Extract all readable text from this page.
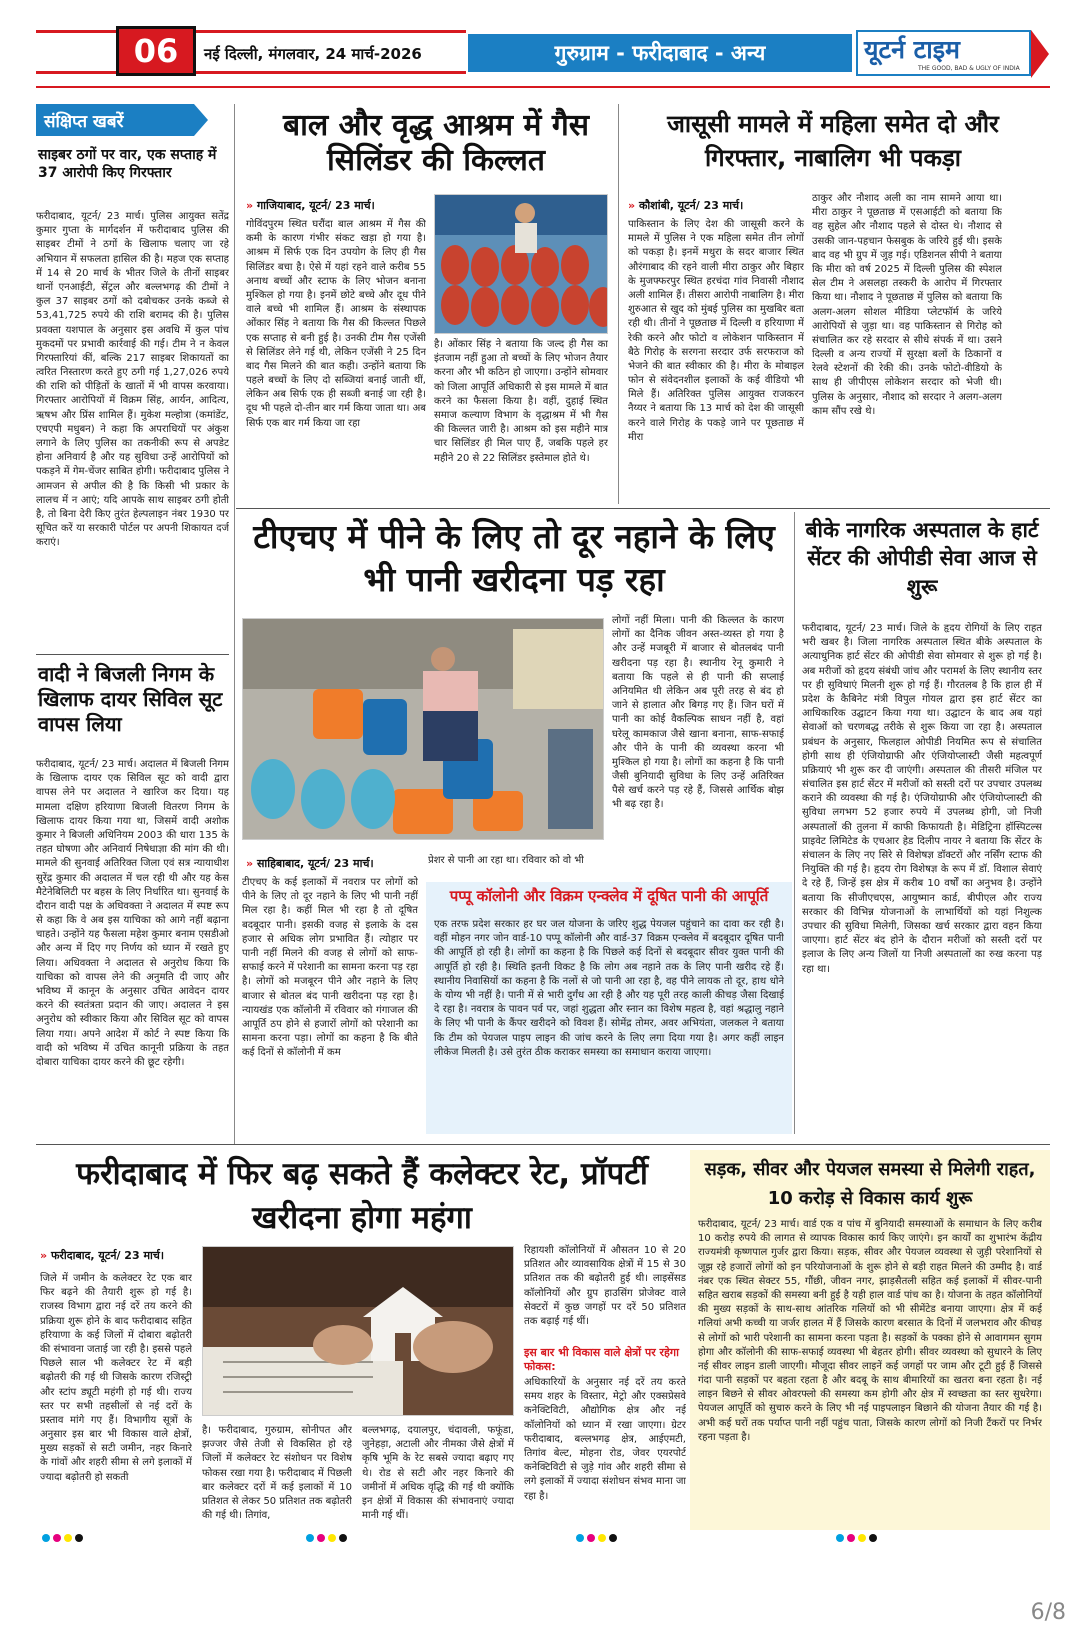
06	नई दिल्ली, मंगलवार, 24 मार्च-2026	गुरुग्राम - फरीदाबाद - अन्य	यूटर्न टाइम
THE GOOD, BAD & UGLY OF INDIA
संक्षिप्त खबरें
साइबर ठगों पर वार, एक सप्ताह में 37 आरोपी किए गिरफ्तार
फरीदाबाद, यूटर्न/ 23 मार्च। पुलिस आयुक्त सतेंद्र कुमार गुप्ता के मार्गदर्शन में फरीदाबाद पुलिस की साइबर टीमों ने ठगों के खिलाफ चलाए जा रहे अभियान में सफलता हासिल की है। महज एक सप्ताह में 14 से 20 मार्च के भीतर जिले के तीनों साइबर थानों एनआईटी, सेंट्रल और बल्लभगढ़ की टीमों ने कुल 37 साइबर ठगों को दबोचकर उनके कब्जे से 53,41,725 रुपये की राशि बरामद की है। पुलिस प्रवक्ता यशपाल के अनुसार इस अवधि में कुल पांच मुकदमों पर प्रभावी कार्रवाई की गई। टीम ने न केवल गिरफ्तारियां कीं, बल्कि 217 साइबर शिकायतों का त्वरित निस्तारण करते हुए ठगी गई 1,27,026 रुपये की राशि को पीड़ितों के खातों में भी वापस करवाया। गिरफ्तार आरोपियों में विक्रम सिंह, आर्यन, आदित्य, ऋषभ और प्रिंस शामिल हैं। मुकेश मल्होत्रा (कमांडेंट, एचएपी मधुबन) ने कहा कि अपराधियों पर अंकुश लगाने के लिए पुलिस का तकनीकी रूप से अपडेट होना अनिवार्य है और यह सुविधा उन्हें आरोपियों को पकड़ने में गेम-चेंजर साबित होगी। फरीदाबाद पुलिस ने आमजन से अपील की है कि किसी भी प्रकार के लालच में न आएं; यदि आपके साथ साइबर ठगी होती है, तो बिना देरी किए तुरंत हेल्पलाइन नंबर 1930 पर सूचित करें या सरकारी पोर्टल पर अपनी शिकायत दर्ज कराएं।
वादी ने बिजली निगम के खिलाफ दायर सिविल सूट वापस लिया
फरीदाबाद, यूटर्न/ 23 मार्च। अदालत में बिजली निगम के खिलाफ दायर एक सिविल सूट को वादी द्वारा वापस लेने पर अदालत ने खारिज कर दिया। यह मामला दक्षिण हरियाणा बिजली वितरण निगम के खिलाफ दायर किया गया था, जिसमें वादी अशोक कुमार ने बिजली अधिनियम 2003 की धारा 135 के तहत घोषणा और अनिवार्य निषेधाज्ञा की मांग की थी। मामले की सुनवाई अतिरिक्त जिला एवं सत्र न्यायाधीश सुरेंद्र कुमार की अदालत में चल रही थी और यह केस मैटेनेबिलिटी पर बहस के लिए निर्धारित था। सुनवाई के दौरान वादी पक्ष के अधिवक्ता ने अदालत में स्पष्ट रूप से कहा कि वे अब इस याचिका को आगे नहीं बढ़ाना चाहते। उन्होंने यह फैसला महेश कुमार बनाम एसडीओ और अन्य में दिए गए निर्णय को ध्यान में रखते हुए लिया। अधिवक्ता ने अदालत से अनुरोध किया कि याचिका को वापस लेने की अनुमति दी जाए और भविष्य में कानून के अनुसार उचित आवेदन दायर करने की स्वतंत्रता प्रदान की जाए। अदालत ने इस अनुरोध को स्वीकार किया और सिविल सूट को वापस लिया गया। अपने आदेश में कोर्ट ने स्पष्ट किया कि वादी को भविष्य में उचित कानूनी प्रक्रिया के तहत दोबारा याचिका दायर करने की छूट रहेगी।
बाल और वृद्ध आश्रम में गैस सिलिंडर की किल्लत
» गाजियाबाद, यूटर्न/ 23 मार्च।
गोविंदपुरम स्थित घरौंदा बाल आश्रम में गैस की कमी के कारण गंभीर संकट खड़ा हो गया है। आश्रम में सिर्फ एक दिन उपयोग के लिए ही गैस सिलिंडर बचा है। ऐसे में यहां रहने वाले करीब 55 अनाथ बच्चों और स्टाफ के लिए भोजन बनाना मुश्किल हो गया है। इनमें छोटे बच्चे और दूध पीने वाले बच्चे भी शामिल हैं। आश्रम के संस्थापक ओंकार सिंह ने बताया कि गैस की किल्लत पिछले एक सप्ताह से बनी हुई है। उनकी टीम गैस एजेंसी से सिलिंडर लेने गई थी, लेकिन एजेंसी ने 25 दिन बाद गैस मिलने की बात कही। उन्होंने बताया कि पहले बच्चों के लिए दो सब्जियां बनाई जाती थीं, लेकिन अब सिर्फ एक ही सब्जी बनाई जा रही है। दूध भी पहले दो-तीन बार गर्म किया जाता था। अब सिर्फ एक बार गर्म किया जा रहा
है। ओंकार सिंह ने बताया कि जल्द ही गैस का इंतजाम नहीं हुआ तो बच्चों के लिए भोजन तैयार करना और भी कठिन हो जाएगा। उन्होंने सोमवार को जिला आपूर्ति अधिकारी से इस मामले में बात करने का फैसला किया है। वहीं, दुहाई स्थित समाज कल्याण विभाग के वृद्धाश्रम में भी गैस की किल्लत जारी है। आश्रम को इस महीने मात्र चार सिलिंडर ही मिल पाए हैं, जबकि पहले हर महीने 20 से 22 सिलिंडर इस्तेमाल होते थे।
जासूसी मामले में महिला समेत दो और गिरफ्तार, नाबालिग भी पकड़ा
» कौशांबी, यूटर्न/ 23 मार्च।
पाकिस्तान के लिए देश की जासूसी करने के मामले में पुलिस ने एक महिला समेत तीन लोगों को पकड़ा है। इनमें मथुरा के सदर बाजार स्थित औरंगाबाद की रहने वाली मीरा ठाकुर और बिहार के मुजफ्फरपुर स्थित हरचंदा गांव निवासी नौशाद अली शामिल हैं। तीसरा आरोपी नाबालिग है। मीरा शुरुआत से खुद को मुंबई पुलिस का मुखबिर बता रही थी। तीनों ने पूछताछ में दिल्ली व हरियाणा में रेकी करने और फोटो व लोकेशन पाकिस्तान में बैठे गिरोह के सरगना सरदार उर्फ सरफराज को भेजने की बात स्वीकार की है। मीरा के मोबाइल फोन से संवेदनशील इलाकों के कई वीडियो भी मिले हैं। अतिरिक्त पुलिस आयुक्त राजकरन नैय्यर ने बताया कि 13 मार्च को देश की जासूसी करने वाले गिरोह के पकड़े जाने पर पूछताछ में मीरा
ठाकुर और नौशाद अली का नाम सामने आया था। मीरा ठाकुर ने पूछताछ में एसआईटी को बताया कि वह सुहेल और नौशाद पहले से दोस्त थे। नौशाद से उसकी जान-पहचान फेसबुक के जरिये हुई थी। इसके बाद वह भी ग्रुप में जुड़ गई। एडिशनल सीपी ने बताया कि मीरा को वर्ष 2025 में दिल्ली पुलिस की स्पेशल सेल टीम ने असलहा तस्करी के आरोप में गिरफ्तार किया था। नौशाद ने पूछताछ में पुलिस को बताया कि अलग-अलग सोशल मीडिया प्लेटफॉर्म के जरिये आरोपियों से जुड़ा था। वह पाकिस्तान से गिरोह को संचालित कर रहे सरदार से सीधे संपर्क में था। उसने दिल्ली व अन्य राज्यों में सुरक्षा बलों के ठिकानों व रेलवे स्टेशनों की रेकी की। उनके फोटो-वीडियो के साथ ही जीपीएस लोकेशन सरदार को भेजी थी। पुलिस के अनुसार, नौशाद को सरदार ने अलग-अलग काम सौंप रखे थे।
टीएचए में पीने के लिए तो दूर नहाने के लिए भी पानी खरीदना पड़ रहा
लोगों नहीं मिला। पानी की किल्लत के कारण लोगों का दैनिक जीवन अस्त-व्यस्त हो गया है और उन्हें मजबूरी में बाजार से बोतलबंद पानी खरीदना पड़ रहा है। स्थानीय रेनू कुमारी ने बताया कि पहले से ही पानी की सप्लाई अनियमित थी लेकिन अब पूरी तरह से बंद हो जाने से हालात और बिगड़ गए हैं। जिन घरों में पानी का कोई वैकल्पिक साधन नहीं है, वहां घरेलू कामकाज जैसे खाना बनाना, साफ-सफाई और पीने के पानी की व्यवस्था करना भी मुश्किल हो गया है। लोगों का कहना है कि पानी जैसी बुनियादी सुविधा के लिए उन्हें अतिरिक्त पैसे खर्च करने पड़ रहे हैं, जिससे आर्थिक बोझ भी बढ़ रहा है।
» साहिबाबाद, यूटर्न/ 23 मार्च।	प्रेशर से पानी आ रहा था। रविवार को वो भी
टीएचए के कई इलाकों में नवरात्र पर लोगों को पीने के लिए तो दूर नहाने के लिए भी पानी नहीं मिल रहा है। कहीं मिल भी रहा है तो दूषित बदबूदार पानी। इसकी वजह से इलाके के दस हजार से अधिक लोग प्रभावित हैं। त्योहार पर पानी नहीं मिलने की वजह से लोगों को साफ-सफाई करने में परेशानी का सामना करना पड़ रहा है। लोगों को मजबूरन पीने और नहाने के लिए बाजार से बोतल बंद पानी खरीदना पड़ रहा है। न्यायखंड एक कॉलोनी में रविवार को गंगाजल की आपूर्ति ठप होने से हजारों लोगों को परेशानी का सामना करना पड़ा। लोगों का कहना है कि बीते कई दिनों से कॉलोनी में कम
पप्पू कॉलोनी और विक्रम एन्क्लेव में दूषित पानी की आपूर्ति
एक तरफ प्रदेश सरकार हर घर जल योजना के जरिए शुद्ध पेयजल पहुंचाने का दावा कर रही है। वहीं मोहन नगर जोन वार्ड-10 पप्पू कॉलोनी और वार्ड-37 विक्रम एन्क्लेव में बदबूदार दूषित पानी की आपूर्ति हो रही है। लोगों का कहना है कि पिछले कई दिनों से बदबूदार सीवर युक्त पानी की आपूर्ति हो रही है। स्थिति इतनी विकट है कि लोग अब नहाने तक के लिए पानी खरीद रहे हैं। स्थानीय निवासियों का कहना है कि नलों से जो पानी आ रहा है, वह पीने लायक तो दूर, हाथ धोने के योग्य भी नहीं है। पानी में से भारी दुर्गंध आ रही है और यह पूरी तरह काली कीचड़ जैसा दिखाई दे रहा है। नवरात्र के पावन पर्व पर, जहां शुद्धता और स्नान का विशेष महत्व है, वहां श्रद्धालु नहाने के लिए भी पानी के कैंपर खरीदने को विवश हैं। सोमेंद्र तोमर, अवर अभियंता, जलकल ने बताया कि टीम को पेयजल पाइप लाइन की जांच करने के लिए लगा दिया गया है। अगर कहीं लाइन लीकेज मिलती है। उसे तुरंत ठीक कराकर समस्या का समाधान कराया जाएगा।
बीके नागरिक अस्पताल के हार्ट सेंटर की ओपीडी सेवा आज से शुरू
फरीदाबाद, यूटर्न/ 23 मार्च। जिले के हृदय रोगियों के लिए राहत भरी खबर है। जिला नागरिक अस्पताल स्थित बीके अस्पताल के अत्याधुनिक हार्ट सेंटर की ओपीडी सेवा सोमवार से शुरू हो गई है। अब मरीजों को हृदय संबंधी जांच और परामर्श के लिए स्थानीय स्तर पर ही सुविधाएं मिलनी शुरू हो गई हैं। गौरतलब है कि हाल ही में प्रदेश के कैबिनेट मंत्री विपुल गोयल द्वारा इस हार्ट सेंटर का आधिकारिक उद्घाटन किया गया था। उद्घाटन के बाद अब यहां सेवाओं को चरणबद्ध तरीके से शुरू किया जा रहा है। अस्पताल प्रबंधन के अनुसार, फिलहाल ओपीडी नियमित रूप से संचालित होगी साथ ही एंजियोग्राफी और एंजियोप्लास्टी जैसी महत्वपूर्ण प्रक्रियाएं भी शुरू कर दी जाएंगी। अस्पताल की तीसरी मंजिल पर संचालित इस हार्ट सेंटर में मरीजों को सस्ती दरों पर उपचार उपलब्ध कराने की व्यवस्था की गई है। एंजियोग्राफी और एंजियोप्लास्टी की सुविधा लगभग 52 हजार रुपये में उपलब्ध होगी, जो निजी अस्पतालों की तुलना में काफी किफायती है। मेडिट्रिना हॉस्पिटल्स प्राइवेट लिमिटेड के एचआर हेड दिलीप नायर ने बताया कि सेंटर के संचालन के लिए नए सिरे से विशेषज्ञ डॉक्टरों और नर्सिंग स्टाफ की नियुक्ति की गई है। हृदय रोग विशेषज्ञ के रूप में डॉ. विशाल सेवाएं दे रहे हैं, जिन्हें इस क्षेत्र में करीब 10 वर्षों का अनुभव है। उन्होंने बताया कि सीजीएचएस, आयुष्मान कार्ड, बीपीएल और राज्य सरकार की विभिन्न योजनाओं के लाभार्थियों को यहां निशुल्क उपचार की सुविधा मिलेगी, जिसका खर्च सरकार द्वारा वहन किया जाएगा। हार्ट सेंटर बंद होने के दौरान मरीजों को सस्ती दरों पर इलाज के लिए अन्य जिलों या निजी अस्पतालों का रुख करना पड़ रहा था।
फरीदाबाद में फिर बढ़ सकते हैं कलेक्टर रेट, प्रॉपर्टी खरीदना होगा महंगा
» फरीदाबाद, यूटर्न/ 23 मार्च।
जिले में जमीन के कलेक्टर रेट एक बार फिर बढ़ने की तैयारी शुरू हो गई है। राजस्व विभाग द्वारा नई दरें तय करने की प्रक्रिया शुरू होने के बाद फरीदाबाद सहित हरियाणा के कई जिलों में दोबारा बढ़ोतरी की संभावना जताई जा रही है। इससे पहले पिछले साल भी कलेक्टर रेट में बड़ी बढ़ोतरी की गई थी जिसके कारण रजिस्ट्री और स्टांप ड्यूटी महंगी हो गई थी। राज्य स्तर पर सभी तहसीलों से नई दरों के प्रस्ताव मांगे गए हैं। विभागीय सूत्रों के अनुसार इस बार भी विकास वाले क्षेत्रों, मुख्य सड़कों से सटी जमीन, नहर किनारे के गांवों और शहरी सीमा से लगे इलाकों में ज्यादा बढ़ोतरी हो सकती
है। फरीदाबाद, गुरुग्राम, सोनीपत और झज्जर जैसे तेजी से विकसित हो रहे जिलों में कलेक्टर रेट संशोधन पर विशेष फोकस रखा गया है। फरीदाबाद में पिछली बार कलेक्टर दरों में कई इलाकों में 10 प्रतिशत से लेकर 50 प्रतिशत तक बढ़ोतरी की गई थी। तिगांव,
बल्लभगढ़, दयालपुर, चंदावली, फफूंडा, जुनेहड़ा, अटाली और नीमका जैसे क्षेत्रों में कृषि भूमि के रेट सबसे ज्यादा बढ़ाए गए थे। रोड से सटी और नहर किनारे की जमीनों में अधिक वृद्धि की गई थी क्योंकि इन क्षेत्रों में विकास की संभावनाएं ज्यादा मानी गई थीं।
रिहायशी कॉलोनियों में औसतन 10 से 20 प्रतिशत और व्यावसायिक क्षेत्रों में 15 से 30 प्रतिशत तक की बढ़ोतरी हुई थी। लाइसेंसड कॉलोनियों और ग्रुप हाउसिंग प्रोजेक्ट वाले सेक्टरों में कुछ जगहों पर दरें 50 प्रतिशत तक बढ़ाई गई थीं।
इस बार भी विकास वाले क्षेत्रों पर रहेगा फोकस:
अधिकारियों के अनुसार नई दरें तय करते समय शहर के विस्तार, मेट्रो और एक्सप्रेसवे कनेक्टिविटी, औद्योगिक क्षेत्र और नई कॉलोनियों को ध्यान में रखा जाएगा। ग्रेटर फरीदाबाद, बल्लभगढ़ क्षेत्र, आईएमटी, तिगांव बेल्ट, मोहना रोड, जेवर एयरपोर्ट कनेक्टिविटी से जुड़े गांव और शहरी सीमा से लगे इलाकों में ज्यादा संशोधन संभव माना जा रहा है।
सड़क, सीवर और पेयजल समस्या से मिलेगी राहत, 10 करोड़ से विकास कार्य शुरू
फरीदाबाद, यूटर्न/ 23 मार्च। वार्ड एक व पांच में बुनियादी समस्याओं के समाधान के लिए करीब 10 करोड़ रुपये की लागत से व्यापक विकास कार्य किए जाएंगे। इन कार्यों का शुभारंभ केंद्रीय राज्यमंत्री कृष्णपाल गुर्जर द्वारा किया। सड़क, सीवर और पेयजल व्यवस्था से जुड़ी परेशानियों से जूझ रहे हजारों लोगों को इन परियोजनाओं के शुरू होने से बड़ी राहत मिलने की उम्मीद है। वार्ड नंबर एक स्थित सेक्टर 55, गौंछी, जीवन नगर, झाड़सैतली सहित कई इलाकों में सीवर-पानी सहित खराब सड़कों की समस्या बनी हुई है यही हाल वार्ड पांच का है। योजना के तहत कॉलोनियों की मुख्य सड़कों के साथ-साथ आंतरिक गलियों को भी सीमेंटेड बनाया जाएगा। क्षेत्र में कई गलियां अभी कच्ची या जर्जर हालत में हैं जिसके कारण बरसात के दिनों में जलभराव और कीचड़ से लोगों को भारी परेशानी का सामना करना पड़ता है। सड़कों के पक्का होने से आवागमन सुगम होगा और कॉलोनी की साफ-सफाई व्यवस्था भी बेहतर होगी। सीवर व्यवस्था को सुधारने के लिए नई सीवर लाइन डाली जाएगी। मौजूदा सीवर लाइनें कई जगहों पर जाम और टूटी हुई हैं जिससे गंदा पानी सड़कों पर बहता रहता है और बदबू के साथ बीमारियों का खतरा बना रहता है। नई लाइन बिछने से सीवर ओवरफ्लो की समस्या कम होगी और क्षेत्र में स्वच्छता का स्तर सुधरेगा। पेयजल आपूर्ति को सुचारु करने के लिए भी नई पाइपलाइन बिछाने की योजना तैयार की गई है। अभी कई घरों तक पर्याप्त पानी नहीं पहुंच पाता, जिसके कारण लोगों को निजी टैंकरों पर निर्भर रहना पड़ता है।
6/8
